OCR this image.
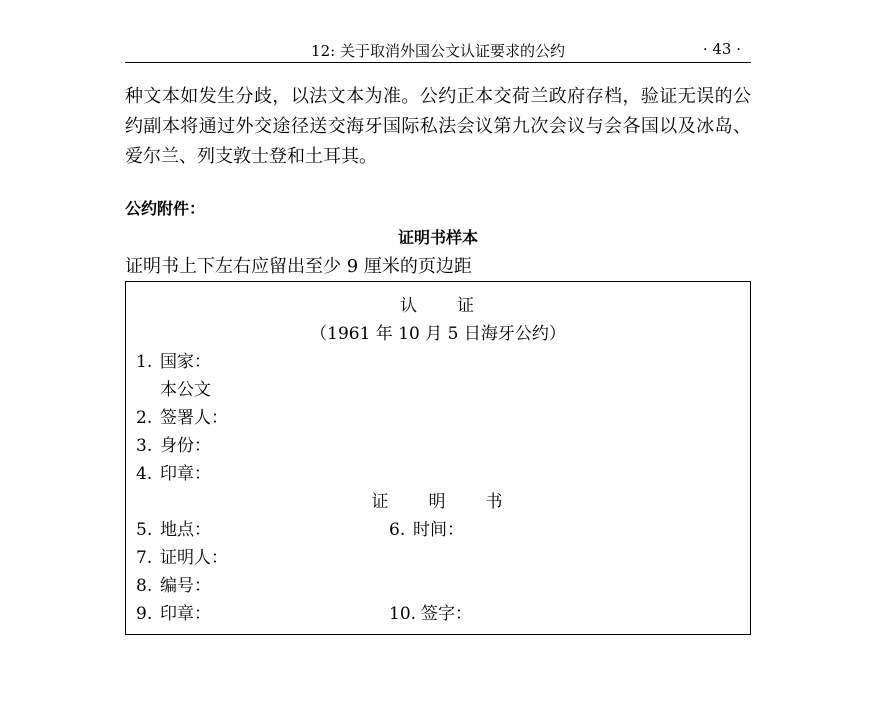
12: 关于取消外国公文认证要求的公约	· 43 ·
种文本如发生分歧，以法文本为准。公约正本交荷兰政府存档，验证无误的公约副本将通过外交途径送交海牙国际私法会议第九次会议与会各国以及冰岛、爱尔兰、列支敦士登和土耳其。
公约附件：
证明书样本
证明书上下左右应留出至少 9 厘米的页边距
认　　证
（1961 年 10 月 5 日海牙公约）
1. 国家：
本公文
2. 签署人：
3. 身份：
4. 印章：
证　　明　　书
5. 地点：	6. 时间：
7. 证明人：
8. 编号：
9. 印章：	10. 签字：
